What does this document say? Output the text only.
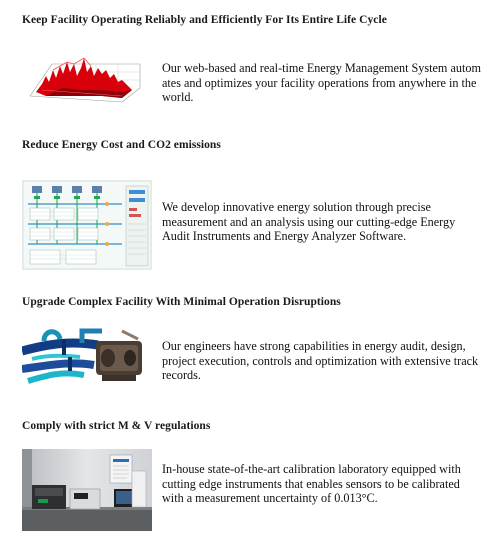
Keep Facility Operating Reliably and Efficiently For Its Entire Life Cycle
Our web-based and real-time Energy Management System autom ates and optimizes your facility operations from anywhere in the world.
Reduce Energy Cost and CO2 emissions
We develop innovative energy solution through precise measurement and an analysis using our cutting-edge Energy Audit Instruments and Energy Analyzer Software.
Upgrade Complex Facility With Minimal Operation Disruptions
Our engineers have strong capabilities in energy audit, design, project execution, controls and optimization with extensive track records.
Comply with strict M & V regulations
In-house state-of-the-art calibration laboratory equipped with cutting edge instruments that enables sensors to be calibrated with a measurement uncertainty of 0.013°C.
